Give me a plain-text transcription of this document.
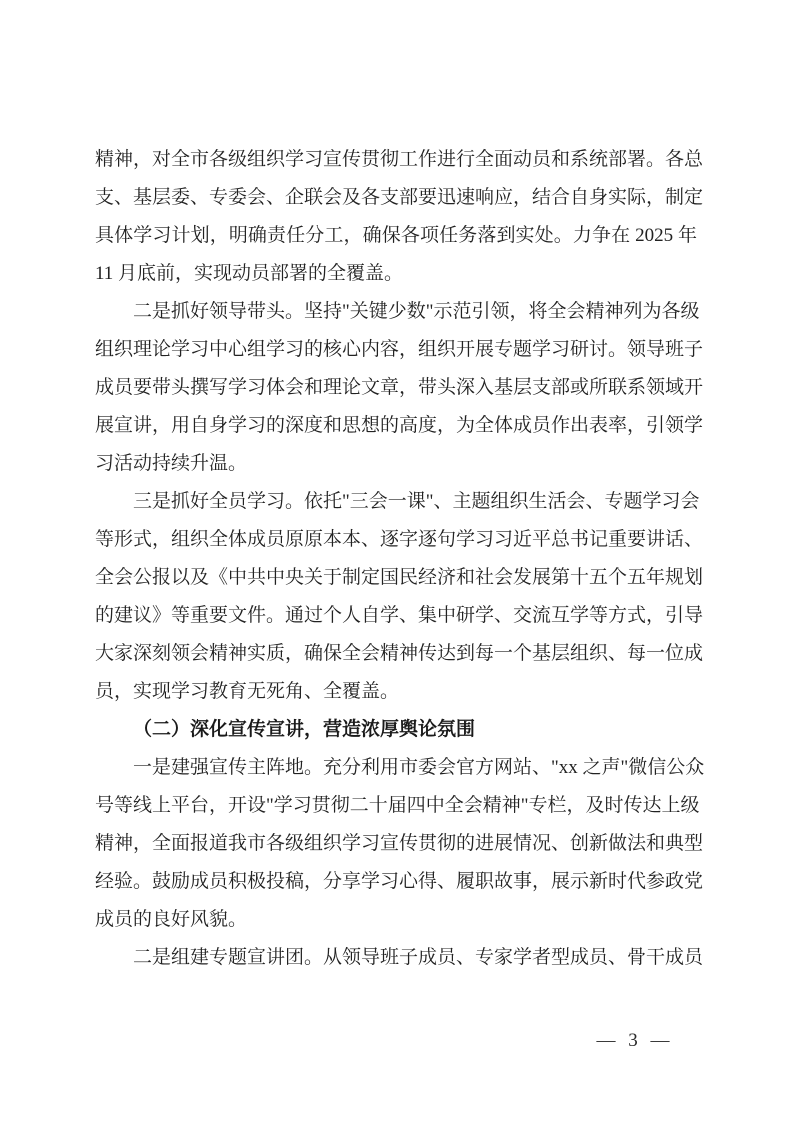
精神，对全市各级组织学习宣传贯彻工作进行全面动员和系统部署。各总
支、基层委、专委会、企联会及各支部要迅速响应，结合自身实际，制定
具体学习计划，明确责任分工，确保各项任务落到实处。力争在 2025 年
11 月底前，实现动员部署的全覆盖。
二是抓好领导带头。坚持"关键少数"示范引领，将全会精神列为各级
组织理论学习中心组学习的核心内容，组织开展专题学习研讨。领导班子
成员要带头撰写学习体会和理论文章，带头深入基层支部或所联系领域开
展宣讲，用自身学习的深度和思想的高度，为全体成员作出表率，引领学
习活动持续升温。
三是抓好全员学习。依托"三会一课"、主题组织生活会、专题学习会
等形式，组织全体成员原原本本、逐字逐句学习习近平总书记重要讲话、
全会公报以及《中共中央关于制定国民经济和社会发展第十五个五年规划
的建议》等重要文件。通过个人自学、集中研学、交流互学等方式，引导
大家深刻领会精神实质，确保全会精神传达到每一个基层组织、每一位成
员，实现学习教育无死角、全覆盖。
（二）深化宣传宣讲，营造浓厚舆论氛围
一是建强宣传主阵地。充分利用市委会官方网站、"xx 之声"微信公众
号等线上平台，开设"学习贯彻二十届四中全会精神"专栏，及时传达上级
精神，全面报道我市各级组织学习宣传贯彻的进展情况、创新做法和典型
经验。鼓励成员积极投稿，分享学习心得、履职故事，展示新时代参政党
成员的良好风貌。
二是组建专题宣讲团。从领导班子成员、专家学者型成员、骨干成员
— 3 —
